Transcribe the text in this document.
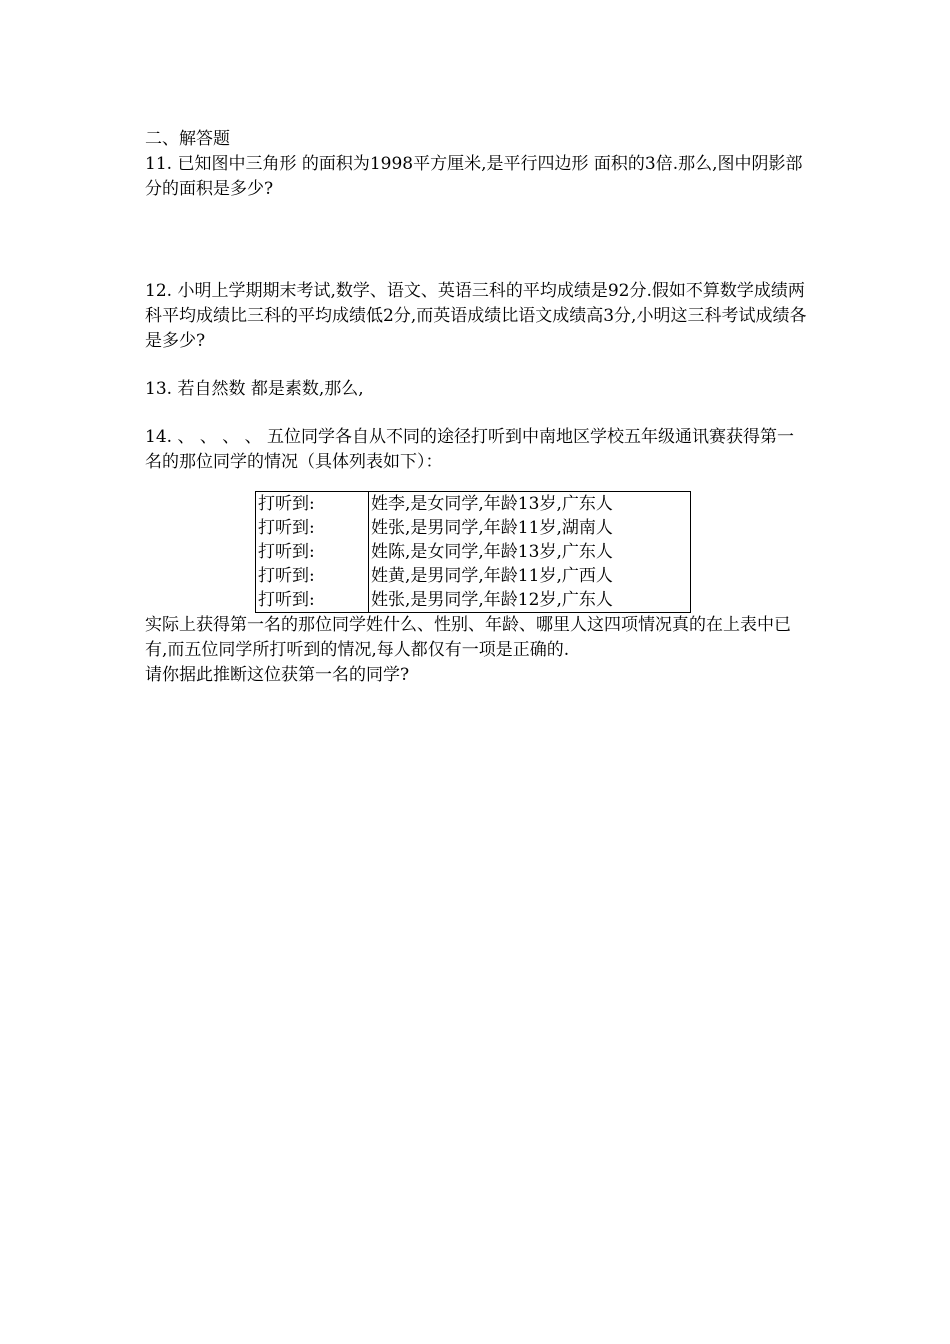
二、解答题

11. 已知图中三角形 的面积为1998平方厘米,是平行四边形 面积的3倍.那么,图中阴影部分的面积是多少?

12. 小明上学期期末考试,数学、语文、英语三科的平均成绩是92分.假如不算数学成绩两科平均成绩比三科的平均成绩低2分,而英语成绩比语文成绩高3分,小明这三科考试成绩各是多少?

13. 若自然数 都是素数,那么,

14. 、 、 、 、 五位同学各自从不同的途径打听到中南地区学校五年级通讯赛获得第一名的那位同学的情况（具体列表如下）：

打听到:	姓李,是女同学,年龄13岁,广东人
打听到:	姓张,是男同学,年龄11岁,湖南人
打听到:	姓陈,是女同学,年龄13岁,广东人
打听到:	姓黄,是男同学,年龄11岁,广西人
打听到:	姓张,是男同学,年龄12岁,广东人

实际上获得第一名的那位同学姓什么、性别、年龄、哪里人这四项情况真的在上表中已有,而五位同学所打听到的情况,每人都仅有一项是正确的.

请你据此推断这位获第一名的同学?
